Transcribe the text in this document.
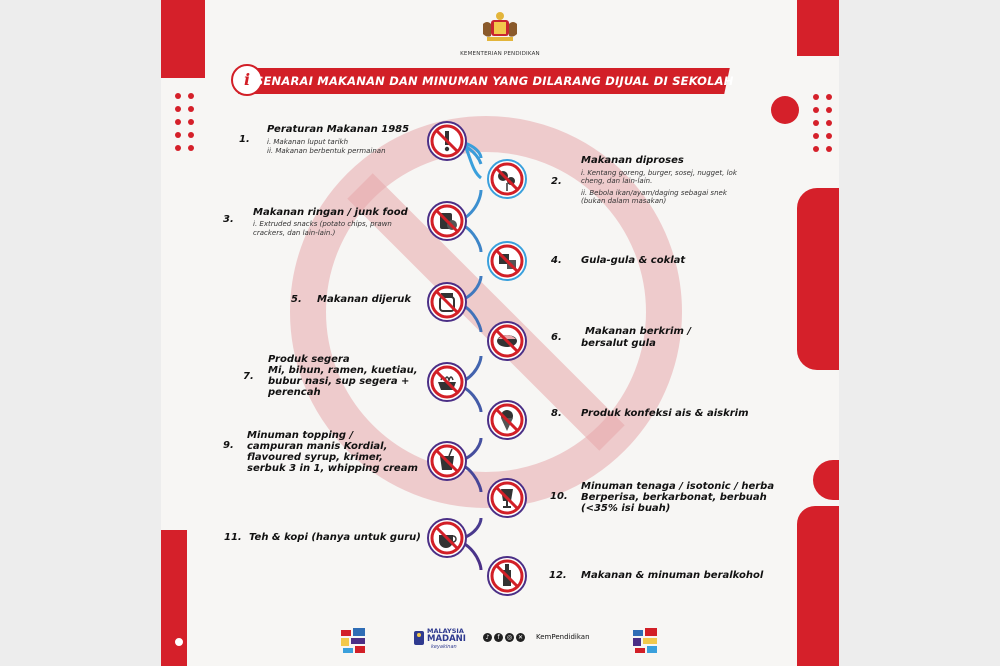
KEMENTERIAN PENDIDIKAN
i SENARAI MAKANAN DAN MINUMAN YANG DILARANG DIJUAL DI SEKOLAH
1.
Peraturan Makanan 1985
i. Makanan luput tarikh
ii. Makanan berbentuk permainan
Makanan diproses
2.
i. Kentang goreng, burger, sosej, nugget, lok
cheng, dan lain-lain.
ii. Bebola ikan/ayam/daging sebagai snek
(bukan dalam masakan)
3.
Makanan ringan / junk food
i. Extruded snacks (potato chips, prawn
crackers, dan lain-lain.)
4. Gula-gula & coklat
5. Makanan dijeruk
6.
Makanan berkrim /
bersalut gula
7.
Produk segera
Mi, bihun, ramen, kuetiau,
bubur nasi, sup segera +
perencah
8. Produk konfeksi ais & aiskrim
9.
Minuman topping /
campuran manis Kordial,
flavoured syrup, krimer,
serbuk 3 in 1, whipping cream
10.
Minuman tenaga / isotonic / herba
Berperisa, berkarbonat, berbuah
(<35% isi buah)
11. Teh & kopi (hanya untuk guru)
12. Makanan & minuman beralkohol
MALAYSIA
MADANI
keyakinan
♪	f	◎ ✕ KemPendidikan
